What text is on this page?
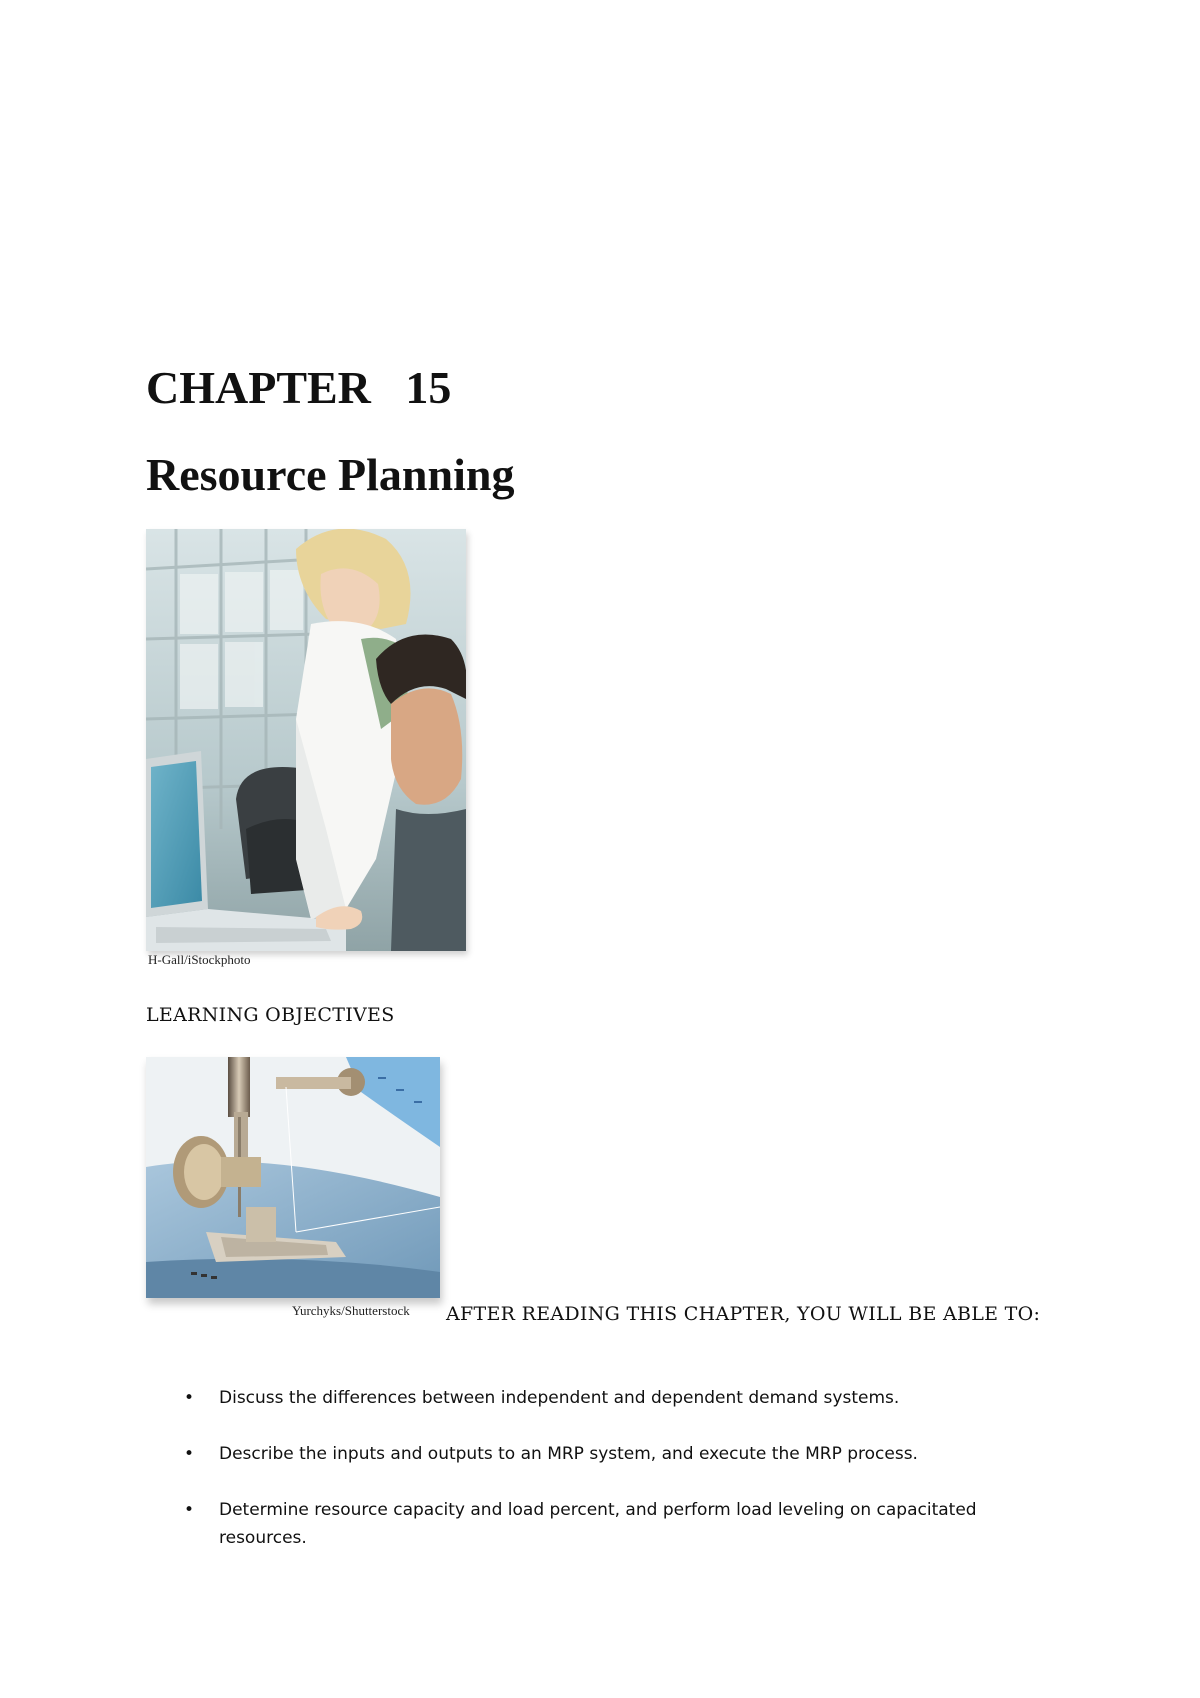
CHAPTER   15
Resource Planning
H-Gall/iStockphoto
LEARNING OBJECTIVES
Yurchyks/Shutterstock	AFTER READING THIS CHAPTER, YOU WILL BE ABLE TO:
• Discuss the differences between independent and dependent demand systems.
• Describe the inputs and outputs to an MRP system, and execute the MRP process.
• Determine resource capacity and load percent, and perform load leveling on capacitated resources.
